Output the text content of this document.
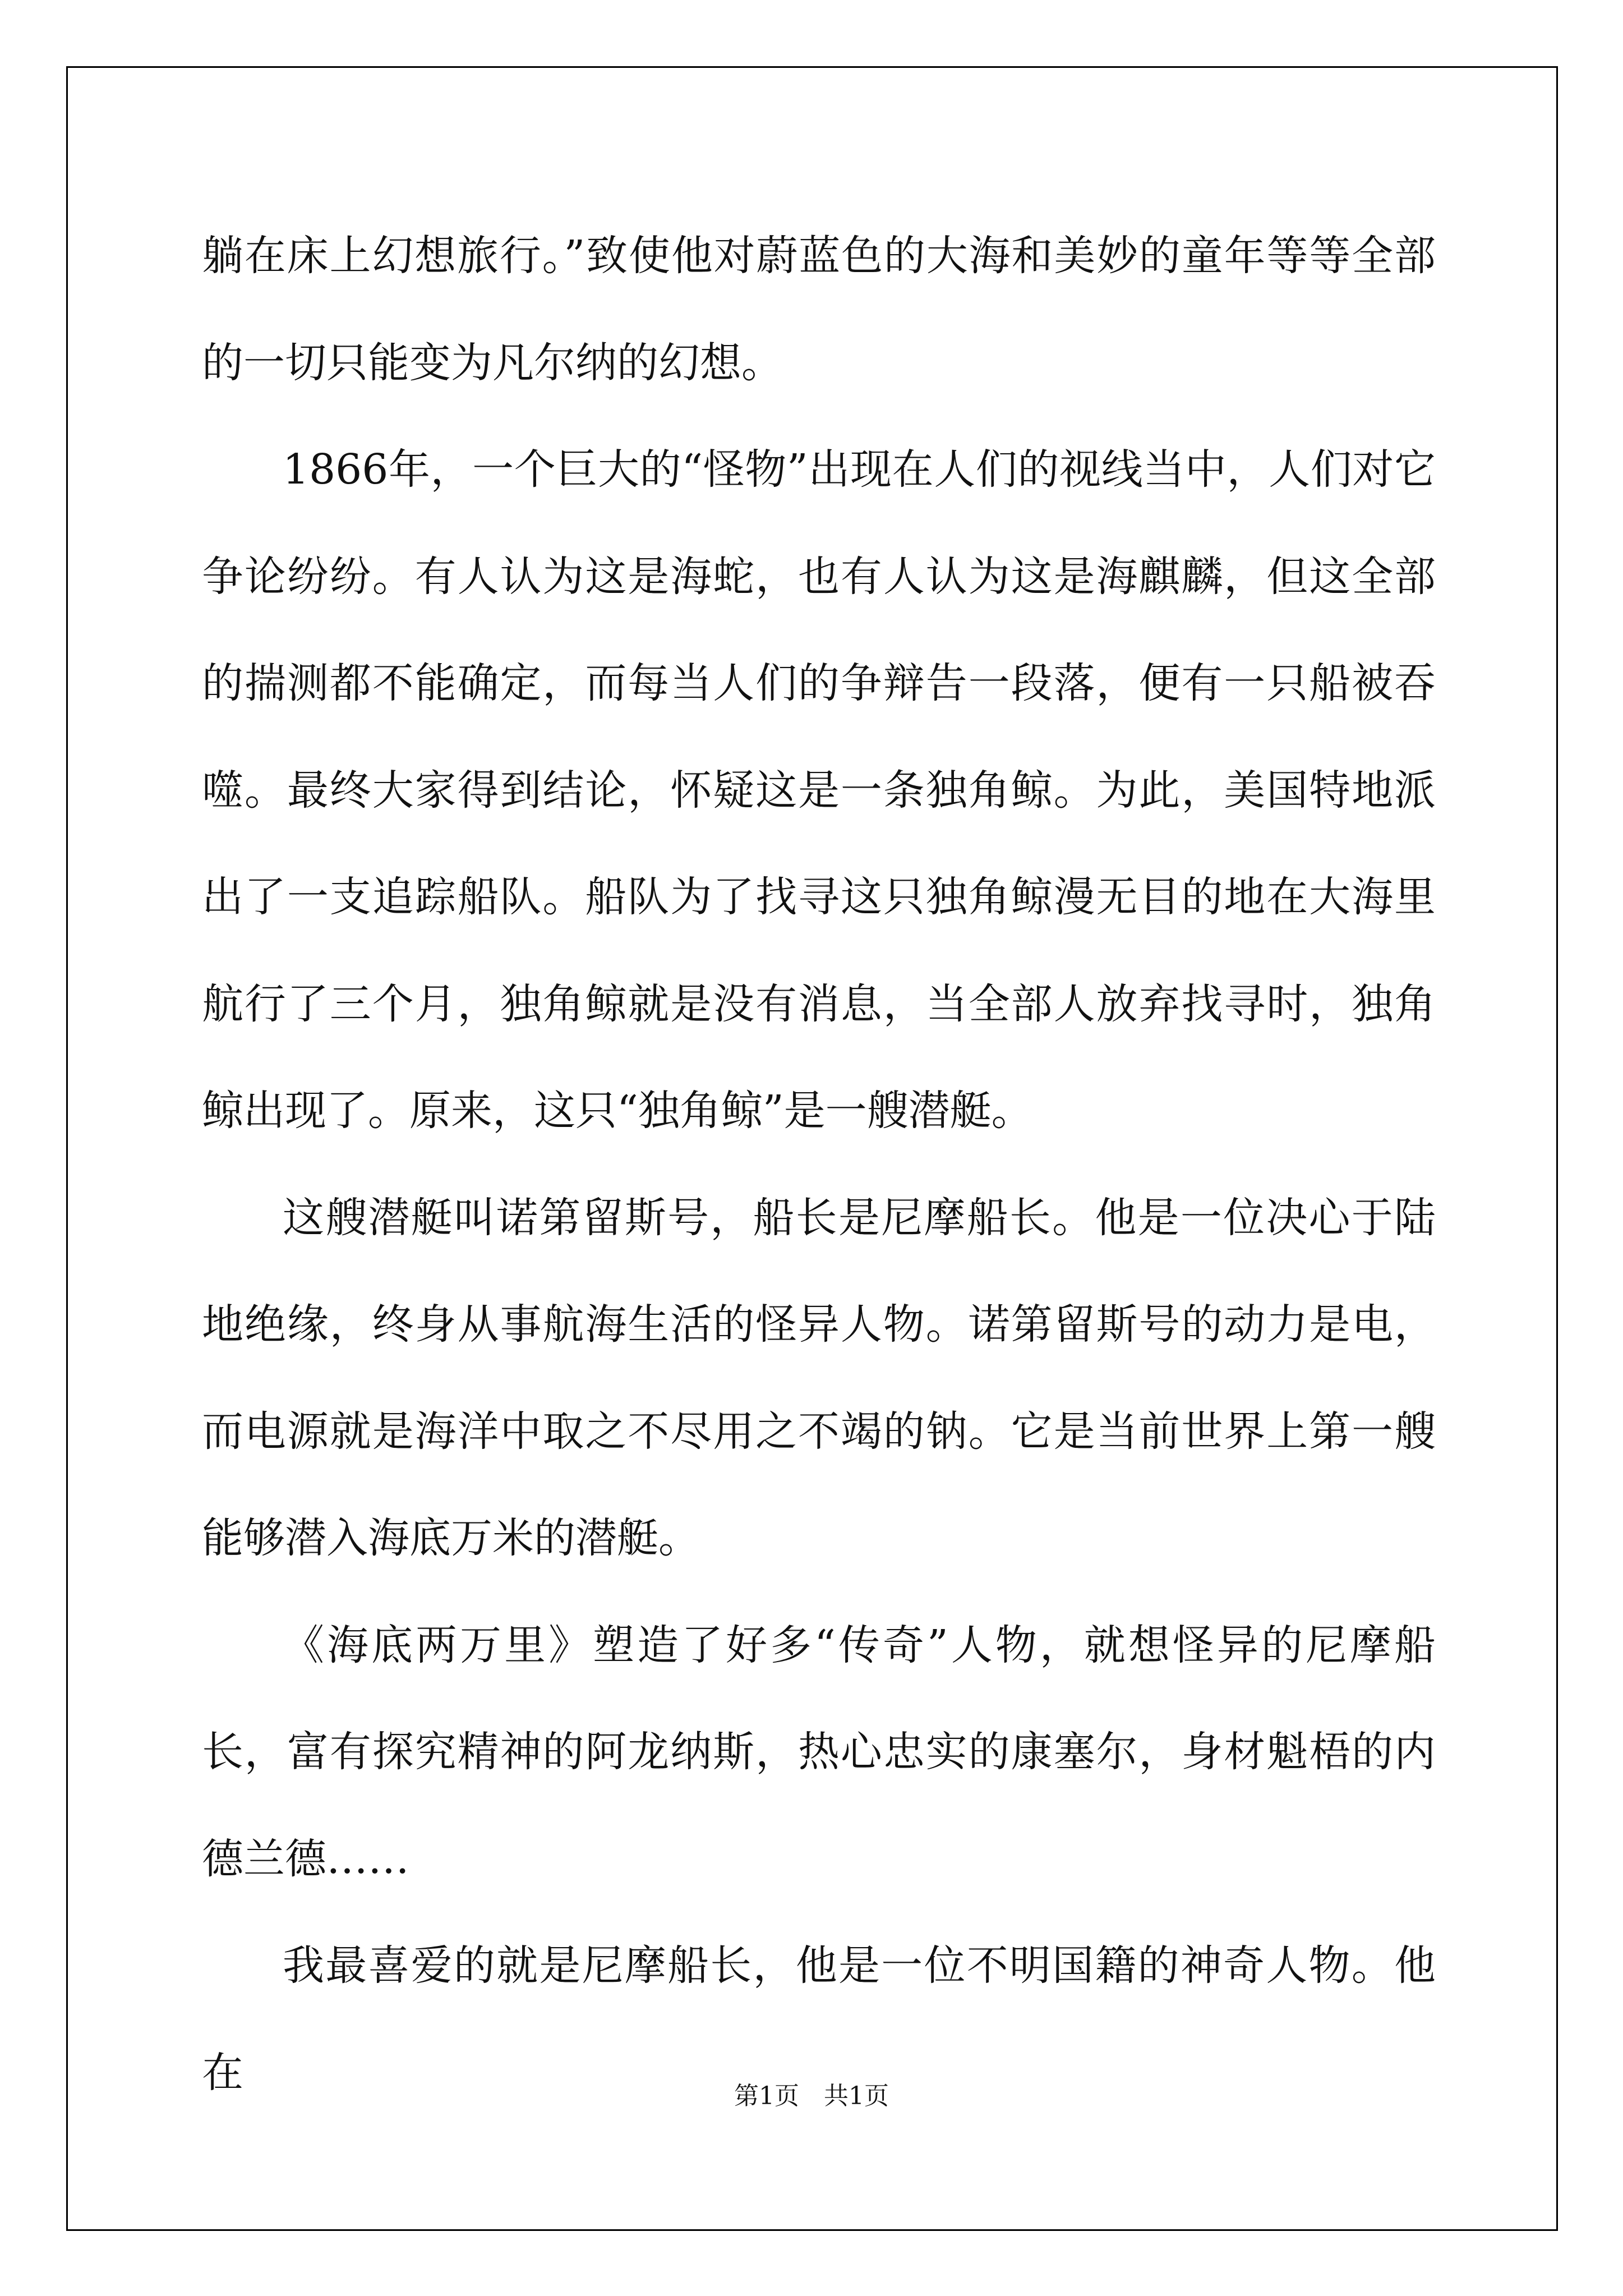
躺在床上幻想旅行。”致使他对蔚蓝色的大海和美妙的童年等等全部的一切只能变为凡尔纳的幻想。

1866年，一个巨大的“怪物”出现在人们的视线当中，人们对它争论纷纷。有人认为这是海蛇，也有人认为这是海麒麟，但这全部的揣测都不能确定，而每当人们的争辩告一段落，便有一只船被吞噬。最终大家得到结论，怀疑这是一条独角鲸。为此，美国特地派出了一支追踪船队。船队为了找寻这只独角鲸漫无目的地在大海里航行了三个月，独角鲸就是没有消息，当全部人放弃找寻时，独角鲸出现了。原来，这只“独角鲸”是一艘潜艇。

这艘潜艇叫诺第留斯号，船长是尼摩船长。他是一位决心于陆地绝缘，终身从事航海生活的怪异人物。诺第留斯号的动力是电，而电源就是海洋中取之不尽用之不竭的钠。它是当前世界上第一艘能够潜入海底万米的潜艇。

《海底两万里》塑造了好多“传奇”人物，就想怪异的尼摩船长，富有探究精神的阿龙纳斯，热心忠实的康塞尔，身材魁梧的内德兰德……

我最喜爱的就是尼摩船长，他是一位不明国籍的神奇人物。他在	第1页　共1页
